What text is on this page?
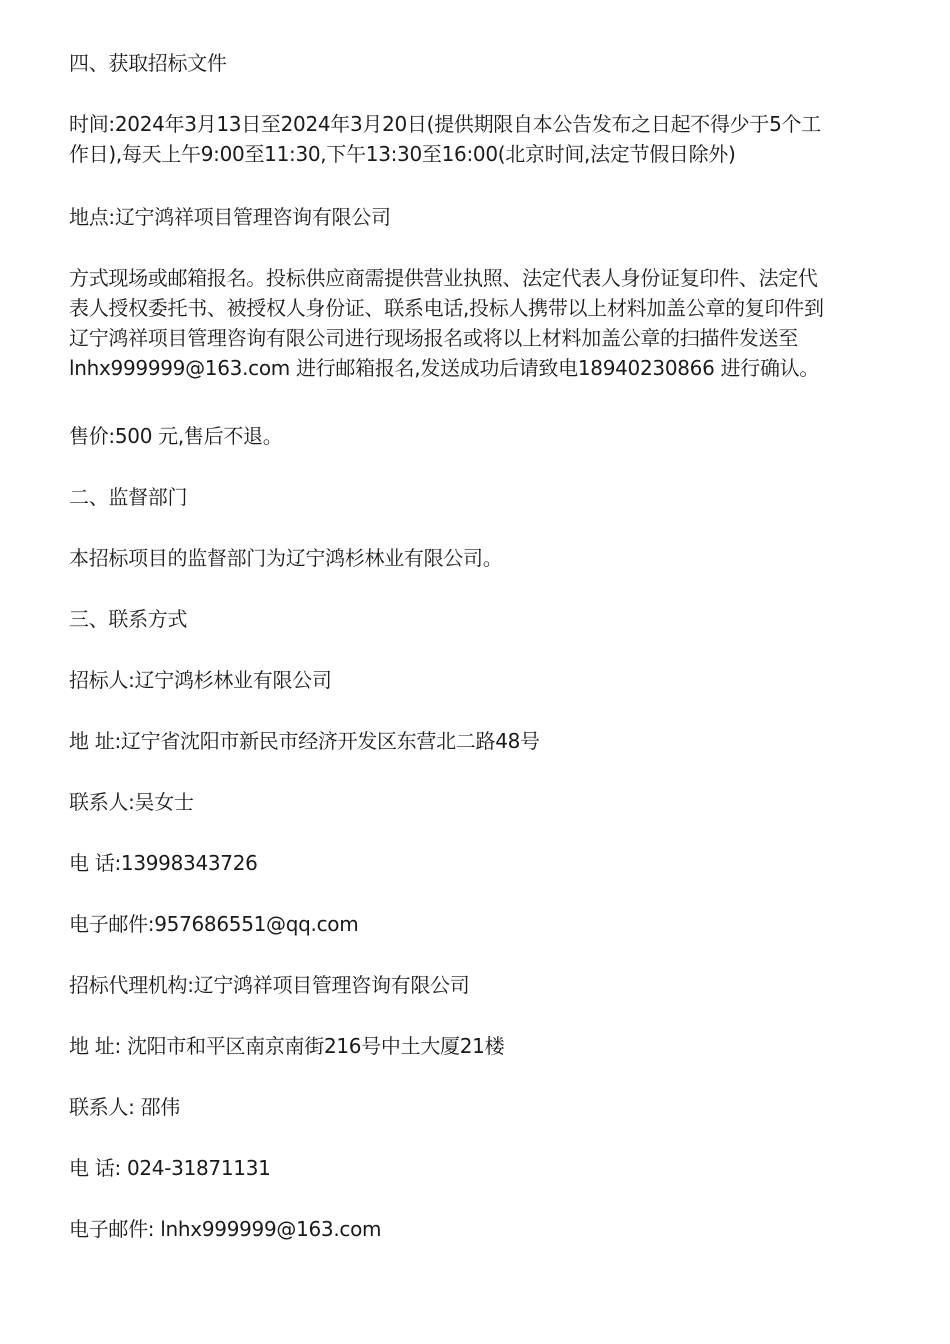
四、获取招标文件

时间:2024年3月13日至2024年3月20日(提供期限自本公告发布之日起不得少于5个工
作日),每天上午9:00至11:30,下午13:30至16:00(北京时间,法定节假日除外)

地点:辽宁鸿祥项目管理咨询有限公司

方式现场或邮箱报名。投标供应商需提供营业执照、法定代表人身份证复印件、法定代
表人授权委托书、被授权人身份证、联系电话,投标人携带以上材料加盖公章的复印件到
辽宁鸿祥项目管理咨询有限公司进行现场报名或将以上材料加盖公章的扫描件发送至
lnhx999999@163.com 进行邮箱报名,发送成功后请致电18940230866 进行确认。

售价:500 元,售后不退。

二、监督部门

本招标项目的监督部门为辽宁鸿杉林业有限公司。

三、联系方式

招标人:辽宁鸿杉林业有限公司

地 址:辽宁省沈阳市新民市经济开发区东营北二路48号

联系人:吴女士

电 话:13998343726

电子邮件:957686551@qq.com

招标代理机构:辽宁鸿祥项目管理咨询有限公司

地 址: 沈阳市和平区南京南街216号中土大厦21楼

联系人: 邵伟

电 话: 024-31871131

电子邮件: lnhx999999@163.com
